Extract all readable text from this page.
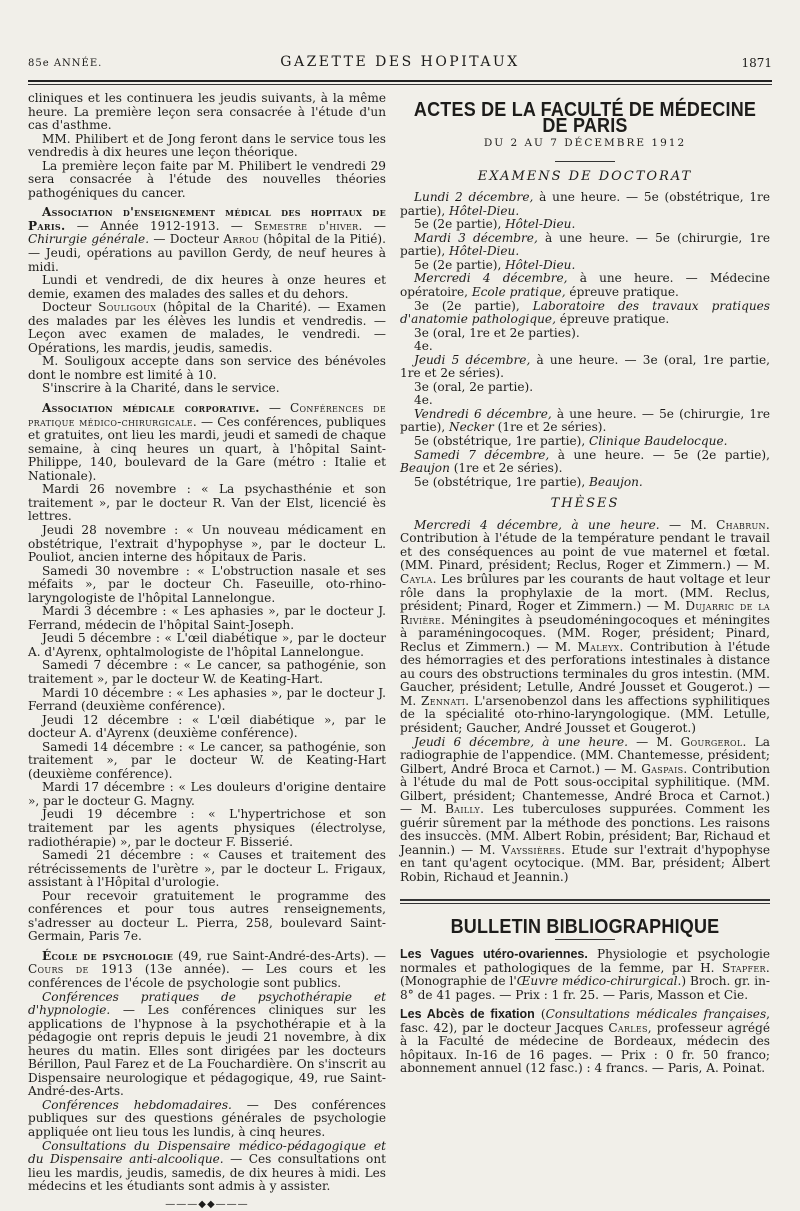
85e ANNÉE.	GAZETTE DES HOPITAUX	1871

cliniques et les continuera les jeudis suivants, à la même heure. La première leçon sera consacrée à l'étude d'un cas d'asthme.

MM. Philibert et de Jong feront dans le service tous les vendredis à dix heures une leçon théorique.

La première leçon faite par M. Philibert le vendredi 29 sera consacrée à l'étude des nouvelles théories pathogéniques du cancer.

Association d'enseignement médical des hopitaux de Paris. — Année 1912-1913. — Semestre d'hiver. — Chirurgie générale. — Docteur Arrou (hôpital de la Pitié). — Jeudi, opérations au pavillon Gerdy, de neuf heures à midi.

Lundi et vendredi, de dix heures à onze heures et demie, examen des malades des salles et du dehors.

Docteur Souligoux (hôpital de la Charité). — Examen des malades par les élèves les lundis et vendredis. — Leçon avec examen de malades, le vendredi. — Opérations, les mardis, jeudis, samedis.

M. Souligoux accepte dans son service des bénévoles dont le nombre est limité à 10.

S'inscrire à la Charité, dans le service.

Association médicale corporative. — Conférences de pratique médico-chirurgicale. — Ces conférences, publiques et gratuites, ont lieu les mardi, jeudi et samedi de chaque semaine, à cinq heures un quart, à l'hôpital Saint-Philippe, 140, boulevard de la Gare (métro : Italie et Nationale).

Mardi 26 novembre : « La psychasthénie et son traitement », par le docteur R. Van der Elst, licencié ès lettres.

Jeudi 28 novembre : « Un nouveau médicament en obstétrique, l'extrait d'hypophyse », par le docteur L. Pouliot, ancien interne des hôpitaux de Paris.

Samedi 30 novembre : « L'obstruction nasale et ses méfaits », par le docteur Ch. Faseuille, oto-rhino-laryngologiste de l'hôpital Lannelongue.

Mardi 3 décembre : « Les aphasies », par le docteur J. Ferrand, médecin de l'hôpital Saint-Joseph.

Jeudi 5 décembre : « L'œil diabétique », par le docteur A. d'Ayrenx, ophtalmologiste de l'hôpital Lannelongue.

Samedi 7 décembre : « Le cancer, sa pathogénie, son traitement », par le docteur W. de Keating-Hart.

Mardi 10 décembre : « Les aphasies », par le docteur J. Ferrand (deuxième conférence).

Jeudi 12 décembre : « L'œil diabétique », par le docteur A. d'Ayrenx (deuxième conférence).

Samedi 14 décembre : « Le cancer, sa pathogénie, son traitement », par le docteur W. de Keating-Hart (deuxième conférence).

Mardi 17 décembre : « Les douleurs d'origine dentaire », par le docteur G. Magny.

Jeudi 19 décembre : « L'hypertrichose et son traitement par les agents physiques (électrolyse, radiothérapie) », par le docteur F. Bisserié.

Samedi 21 décembre : « Causes et traitement des rétrécissements de l'urètre », par le docteur L. Frigaux, assistant à l'Hôpital d'urologie.

Pour recevoir gratuitement le programme des conférences et pour tous autres renseignements, s'adresser au docteur L. Pierra, 258, boulevard Saint-Germain, Paris 7e.

École de psychologie (49, rue Saint-André-des-Arts). — Cours de 1913 (13e année). — Les cours et les conférences de l'école de psychologie sont publics.

Conférences pratiques de psychothérapie et d'hypnologie. — Les conférences cliniques sur les applications de l'hypnose à la psychothérapie et à la pédagogie ont repris depuis le jeudi 21 novembre, à dix heures du matin. Elles sont dirigées par les docteurs Bérillon, Paul Farez et de La Fouchardière. On s'inscrit au Dispensaire neurologique et pédagogique, 49, rue Saint-André-des-Arts.

Conférences hebdomadaires. — Des conférences publiques sur des questions générales de psychologie appliquée ont lieu tous les lundis, à cinq heures.

Consultations du Dispensaire médico-pédagogique et du Dispensaire anti-alcoolique. — Ces consultations ont lieu les mardis, jeudis, samedis, de dix heures à midi. Les médecins et les étudiants sont admis à y assister.

———◆◆———
ACTES DE LA FACULTÉ DE MÉDECINE DE PARIS
DU 2 AU 7 DÉCEMBRE 1912
EXAMENS DE DOCTORAT

Lundi 2 décembre, à une heure. — 5e (obstétrique, 1re partie), Hôtel-Dieu.

5e (2e partie), Hôtel-Dieu.

Mardi 3 décembre, à une heure. — 5e (chirurgie, 1re partie), Hôtel-Dieu.

5e (2e partie), Hôtel-Dieu.

Mercredi 4 décembre, à une heure. — Médecine opératoire, Ecole pratique, épreuve pratique.

3e (2e partie), Laboratoire des travaux pratiques d'anatomie pathologique, épreuve pratique.

3e (oral, 1re et 2e parties).

4e.

Jeudi 5 décembre, à une heure. — 3e (oral, 1re partie, 1re et 2e séries).

3e (oral, 2e partie).

4e.

Vendredi 6 décembre, à une heure. — 5e (chirurgie, 1re partie), Necker (1re et 2e séries).

5e (obstétrique, 1re partie), Clinique Baudelocque.

Samedi 7 décembre, à une heure. — 5e (2e partie), Beaujon (1re et 2e séries).

5e (obstétrique, 1re partie), Beaujon.

THÈSES

Mercredi 4 décembre, à une heure. — M. Chabrun. Contribution à l'étude de la température pendant le travail et des conséquences au point de vue maternel et fœtal. (MM. Pinard, président; Reclus, Roger et Zimmern.) — M. Cayla. Les brûlures par les courants de haut voltage et leur rôle dans la prophylaxie de la mort. (MM. Reclus, président; Pinard, Roger et Zimmern.) — M. Dujarric de la Rivière. Méningites à pseudoméningocoques et méningites à paraméningocoques. (MM. Roger, président; Pinard, Reclus et Zimmern.) — M. Maleyx. Contribution à l'étude des hémorragies et des perforations intestinales à distance au cours des obstructions terminales du gros intestin. (MM. Gaucher, président; Letulle, André Jousset et Gougerot.) — M. Zennati. L'arsenobenzol dans les affections syphilitiques de la spécialité oto-rhino-laryngologique. (MM. Letulle, président; Gaucher, André Jousset et Gougerot.)

Jeudi 6 décembre, à une heure. — M. Gourgerol. La radiographie de l'appendice. (MM. Chantemesse, président; Gilbert, André Broca et Carnot.) — M. Gaspais. Contribution à l'étude du mal de Pott sous-occipital syphilitique. (MM. Gilbert, président; Chantemesse, André Broca et Carnot.) — M. Bailly. Les tuberculoses suppurées. Comment les guérir sûrement par la méthode des ponctions. Les raisons des insuccès. (MM. Albert Robin, président; Bar, Richaud et Jeannin.) — M. Vayssières. Etude sur l'extrait d'hypophyse en tant qu'agent ocytocique. (MM. Bar, président; Albert Robin, Richaud et Jeannin.)

BULLETIN BIBLIOGRAPHIQUE

Les Vagues utéro-ovariennes. Physiologie et psychologie normales et pathologiques de la femme, par H. Stapfer. (Monographie de l'Œuvre médico-chirurgical.) Broch. gr. in-8° de 41 pages. — Prix : 1 fr. 25. — Paris, Masson et Cie.

Les Abcès de fixation (Consultations médicales françaises, fasc. 42), par le docteur Jacques Carles, professeur agrégé à la Faculté de médecine de Bordeaux, médecin des hôpitaux. In-16 de 16 pages. — Prix : 0 fr. 50 franco; abonnement annuel (12 fasc.) : 4 francs. — Paris, A. Poinat.
